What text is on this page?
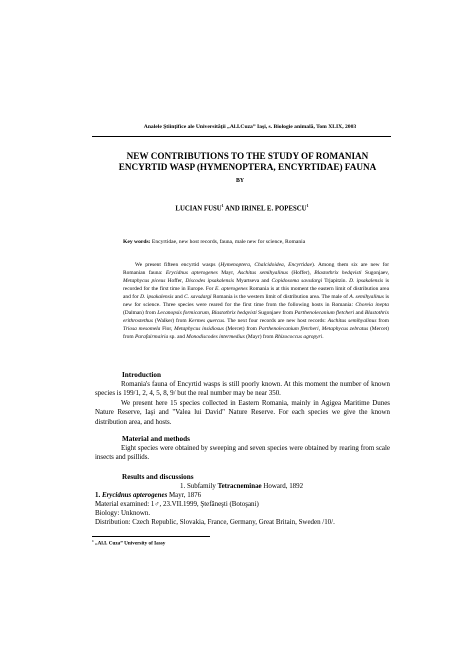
Analele Ştiinţifice ale Universităţii „Al.I.Cuza” Iaşi, s. Biologie animală, Tom XLIX, 2003
NEW CONTRIBUTIONS TO THE STUDY OF ROMANIAN
ENCYRTID WASP (HYMENOPTERA, ENCYRTIDAE) FAUNA
BY
LUCIAN FUSU$^1$ AND IRINEL E. POPESCU$^1$
Key words: Encyrtidae, new host records, fauna, male new for science, Romania

We present fifteen encyrtid wasps (Hymenoptera, Chalcidoidea, Encyrtidae). Among them six are new for Romanian fauna: Erycidnus apterogenes Mayr, Aschitus semihyalinus (Hoffer), Blastothrix hedqvisti Sugonjaev, Metaphycus piceus Hoffer, Discodes ipsakalensis Myartseva and Copidosoma savsdargi Trjapitzin. D. ipsakalensis is recorded for the first time in Europe. For E. apterogenes Romania is at this moment the eastern limit of distribution area and for D. ipsakalensis and C. savsdargi Romania is the western limit of distribution area. The male of A. semihyalinus is new for science. Three species were reared for the first time from the following hosts in Romania: Choreia inepta (Dalman) from Lecanopsis formicarum, Blastothrix hedqvisti Sugonjaev from Parthenolecanium fletcheri and Blastothrix erithrostethus (Walker) from Kermes quercus. The next four records are new host records: Aschitus semihyalinus from Triosa mesomela Flor, Metaphycus insidiosus (Mercet) from Parthenolecanium fletcheri, Metaphycus zebratus (Mercet) from Parafairmairia sp. and Monodiscodes intermedius (Mayr) from Rhizococcus agropyri.

Introduction

Romania's fauna of Encyrtid wasps is still poorly known. At this moment the number of known species is 199/1, 2, 4, 5, 8, 9/ but the real number may be near 350.

We present here 15 species collected in Eastern Romania, mainly in Agigea Maritime Dunes Nature Reserve, Iaşi and "Valea lui David" Nature Reserve. For each species we give the known distribution area, and hosts.

Material and methods

Eight species were obtained by sweeping and seven species were obtained by rearing from scale insects and psillids.

Results and discussions
1. Subfamily Tetracneminae Howard, 1892
1. Erycidnus apterogenes Mayr, 1876
Material examined: 1♂, 23.VII.1999, Ştefăneşti (Botoşani)
Biology: Unknown.
Distribution: Czech Republic, Slovakia, France, Germany, Great Britain, Sweden /10/.
$^1$ „Al.I. Cuza” University of Iassy
